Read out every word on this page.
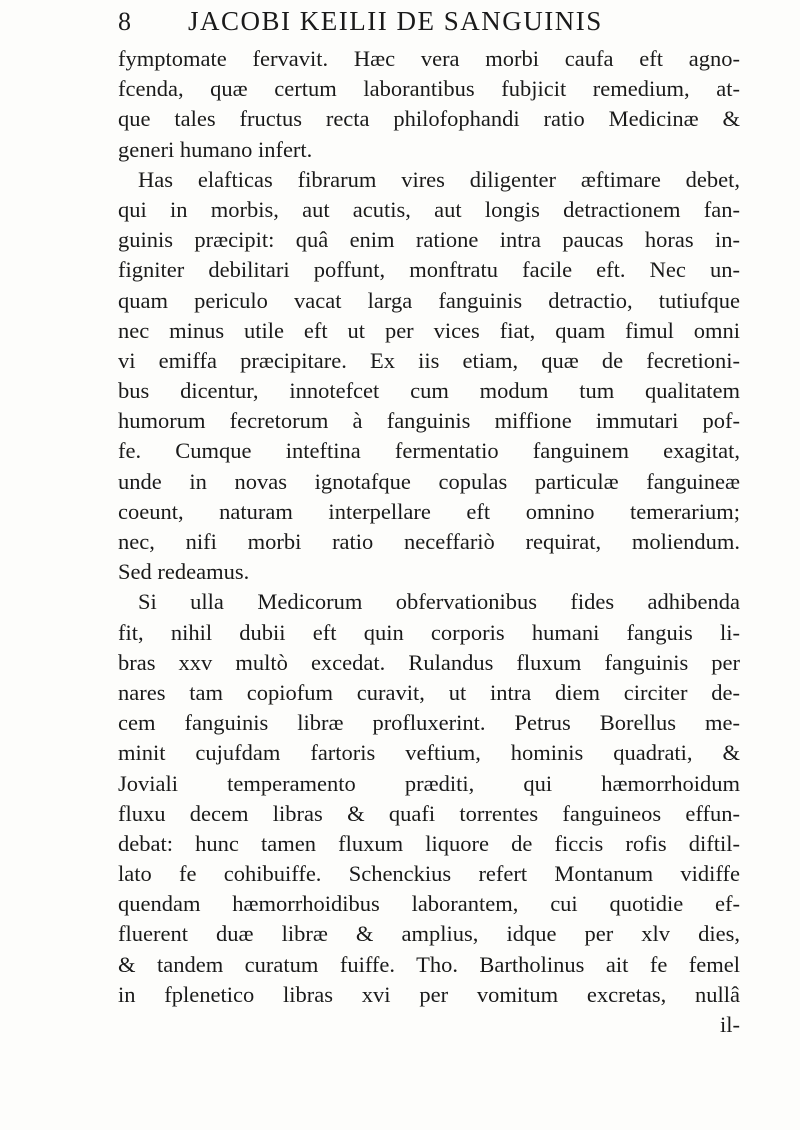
8	JACOBI KEILII DE SANGUINIS
fymptomate fervavit. Hæc vera morbi caufa eft agno-
fcenda, quæ certum laborantibus fubjicit remedium, at-
que tales fructus recta philofophandi ratio Medicinæ &
generi humano infert.
Has elafticas fibrarum vires diligenter æftimare debet,
qui in morbis, aut acutis, aut longis detractionem fan-
guinis præcipit: quâ enim ratione intra paucas horas in-
figniter debilitari poffunt, monftratu facile eft. Nec un-
quam periculo vacat larga fanguinis detractio, tutiufque
nec minus utile eft ut per vices fiat, quam fimul omni
vi emiffa præcipitare. Ex iis etiam, quæ de fecretioni-
bus dicentur, innotefcet cum modum tum qualitatem
humorum fecretorum à fanguinis miffione immutari pof-
fe. Cumque inteftina fermentatio fanguinem exagitat,
unde in novas ignotafque copulas particulæ fanguineæ
coeunt, naturam interpellare eft omnino temerarium;
nec, nifi morbi ratio neceffariò requirat, moliendum.
Sed redeamus.
Si ulla Medicorum obfervationibus fides adhibenda
fit, nihil dubii eft quin corporis humani fanguis li-
bras xxv multò excedat. Rulandus fluxum fanguinis per
nares tam copiofum curavit, ut intra diem circiter de-
cem fanguinis libræ profluxerint. Petrus Borellus me-
minit cujufdam fartoris veftium, hominis quadrati, &
Joviali temperamento præditi, qui hæmorrhoidum
fluxu decem libras & quafi torrentes fanguineos effun-
debat: hunc tamen fluxum liquore de ficcis rofis diftil-
lato fe cohibuiffe. Schenckius refert Montanum vidiffe
quendam hæmorrhoidibus laborantem, cui quotidie ef-
fluerent duæ libræ & amplius, idque per xlv dies,
& tandem curatum fuiffe. Tho. Bartholinus ait fe femel
in fplenetico libras xvi per vomitum excretas, nullâ
il-
